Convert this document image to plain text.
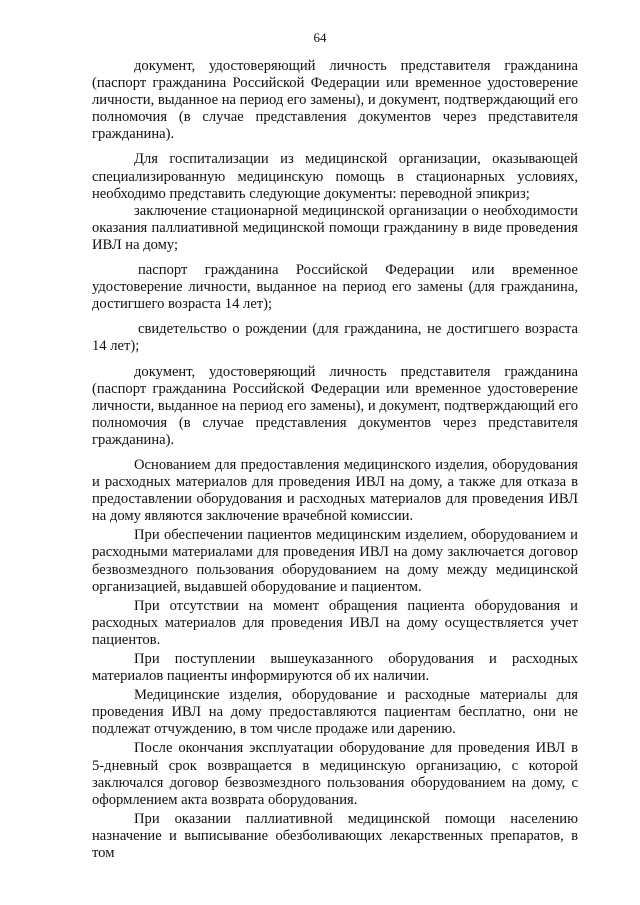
64

документ, удостоверяющий личность представителя гражданина (паспорт гражданина Российской Федерации или временное удостоверение личности, выданное на период его замены), и документ, подтверждающий его полномочия (в случае представления документов через представителя гражданина).

Для госпитализации из медицинской организации, оказывающей специализированную медицинскую помощь в стационарных условиях, необходимо представить следующие документы: переводной эпикриз;

заключение стационарной медицинской организации о необходимости оказания паллиативной медицинской помощи гражданину в виде проведения ИВЛ на дому;

паспорт гражданина Российской Федерации или временное удостоверение личности, выданное на период его замены (для гражданина, достигшего возраста 14 лет);

свидетельство о рождении (для гражданина, не достигшего возраста 14 лет);

документ, удостоверяющий личность представителя гражданина (паспорт гражданина Российской Федерации или временное удостоверение личности, выданное на период его замены), и документ, подтверждающий его полномочия (в случае представления документов через представителя гражданина).

Основанием для предоставления медицинского изделия, оборудования и расходных материалов для проведения ИВЛ на дому, а также для отказа в предоставлении оборудования и расходных материалов для проведения ИВЛ на дому являются заключение врачебной комиссии.

При обеспечении пациентов медицинским изделием, оборудованием и расходными материалами для проведения ИВЛ на дому заключается договор безвозмездного пользования оборудованием на дому между медицинской организацией, выдавшей оборудование и пациентом.

При отсутствии на момент обращения пациента оборудования и расходных материалов для проведения ИВЛ на дому осуществляется учет пациентов.

При поступлении вышеуказанного оборудования и расходных материалов пациенты информируются об их наличии.

Медицинские изделия, оборудование и расходные материалы для проведения ИВЛ на дому предоставляются пациентам бесплатно, они не подлежат отчуждению, в том числе продаже или дарению.

После окончания эксплуатации оборудование для проведения ИВЛ в 5-дневный срок возвращается в медицинскую организацию, с которой заключался договор безвозмездного пользования оборудованием на дому, с оформлением акта возврата оборудования.

При оказании паллиативной медицинской помощи населению назначение и выписывание обезболивающих лекарственных препаратов, в том
